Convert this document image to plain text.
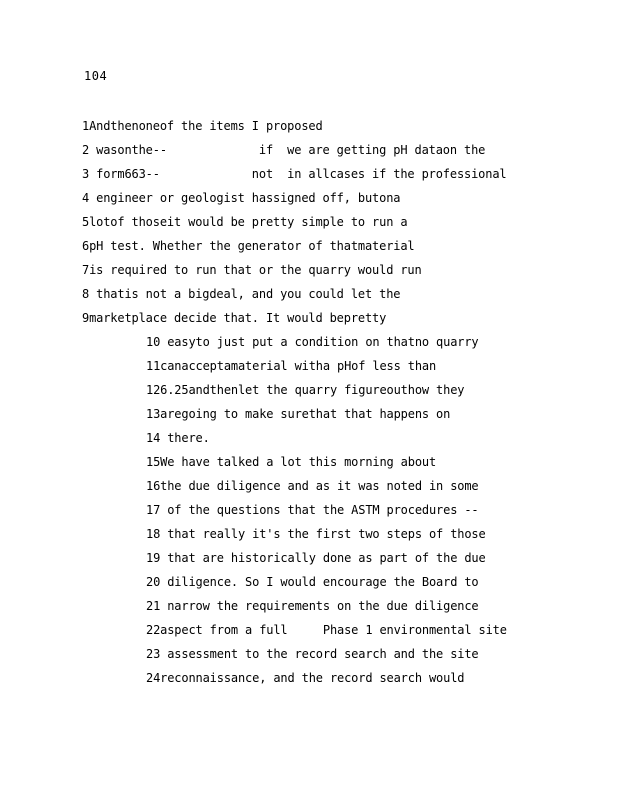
104
1Andthenoneof the items I proposed
2 wasonthe--             if  we are getting pH dataon the
3 form663--             not  in allcases if the professional
4 engineer or geologist hassigned off, butona
5lotof thoseit would be pretty simple to run a
6pH test. Whether the generator of thatmaterial
7is required to run that or the quarry would run
8 thatis not a bigdeal, and you could let the
9marketplace decide that. It would bepretty
10 easyto just put a condition on thatno quarry
11canacceptamaterial witha pHof less than
126.25andthenlet the quarry figureouthow they
13aregoing to make surethat that happens on
14 there.
15We have talked a lot this morning about
16the due diligence and as it was noted in some
17 of the questions that the ASTM procedures --
18 that really it's the first two steps of those
19 that are historically done as part of the due
20 diligence. So I would encourage the Board to
21 narrow the requirements on the due diligence
22aspect from a full     Phase 1 environmental site
23 assessment to the record search and the site
24reconnaissance, and the record search would
